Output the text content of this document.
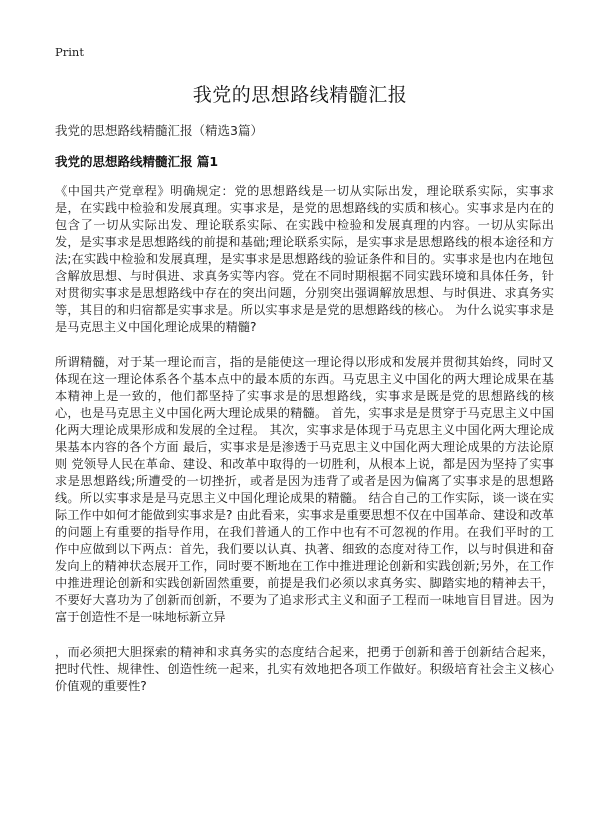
Print
我党的思想路线精髓汇报
我党的思想路线精髓汇报（精选3篇）
我党的思想路线精髓汇报 篇1

《中国共产党章程》明确规定：党的思想路线是一切从实际出发，理论联系实际，实事求是，在实践中检验和发展真理。实事求是，是党的思想路线的实质和核心。实事求是内在的包含了一切从实际出发、理论联系实际、在实践中检验和发展真理的内容。一切从实际出发，是实事求是思想路线的前提和基础;理论联系实际，是实事求是思想路线的根本途径和方法;在实践中检验和发展真理，是实事求是思想路线的验证条件和目的。实事求是也内在地包含解放思想、与时俱进、求真务实等内容。党在不同时期根据不同实践环境和具体任务，针对贯彻实事求是思想路线中存在的突出问题，分别突出强调解放思想、与时俱进、求真务实等，其目的和归宿都是实事求是。所以实事求是是党的思想路线的核心。 为什么说实事求是是马克思主义中国化理论成果的精髓?

所谓精髓，对于某一理论而言，指的是能使这一理论得以形成和发展并贯彻其始终，同时又体现在这一理论体系各个基本点中的最本质的东西。马克思主义中国化的两大理论成果在基本精神上是一致的，他们都坚持了实事求是的思想路线，实事求是既是党的思想路线的核心，也是马克思主义中国化两大理论成果的精髓。 首先，实事求是是贯穿于马克思主义中国化两大理论成果形成和发展的全过程。 其次，实事求是体现于马克思主义中国化两大理论成果基本内容的各个方面 最后，实事求是是渗透于马克思主义中国化两大理论成果的方法论原则 党领导人民在革命、建设、和改革中取得的一切胜利，从根本上说，都是因为坚持了实事求是思想路线;所遭受的一切挫折，或者是因为违背了或者是因为偏离了实事求是的思想路线。所以实事求是是马克思主义中国化理论成果的精髓。 结合自己的工作实际，谈一谈在实际工作中如何才能做到实事求是? 由此看来，实事求是重要思想不仅在中国革命、建设和改革的问题上有重要的指导作用，在我们普通人的工作中也有不可忽视的作用。在我们平时的工作中应做到以下两点：首先，我们要以认真、执著、细致的态度对待工作，以与时俱进和奋发向上的精神状态展开工作，同时要不断地在工作中推进理论创新和实践创新;另外，在工作中推进理论创新和实践创新固然重要，前提是我们必须以求真务实、脚踏实地的精神去干，不要好大喜功为了创新而创新，不要为了追求形式主义和面子工程而一味地盲目冒进。因为富于创造性不是一味地标新立异

，而必须把大胆探索的精神和求真务实的态度结合起来，把勇于创新和善于创新结合起来，把时代性、规律性、创造性统一起来，扎实有效地把各项工作做好。积级培育社会主义核心价值观的重要性?
